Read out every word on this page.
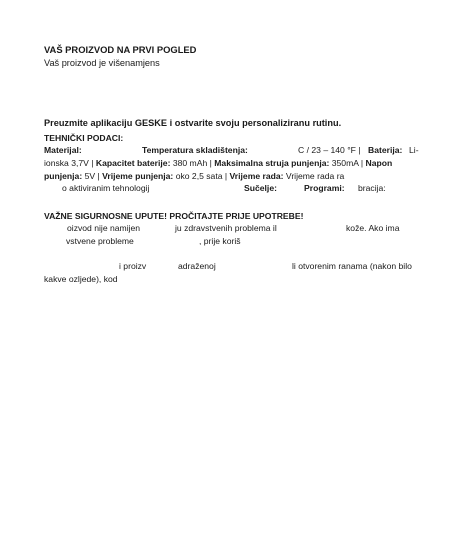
VAŠ PROIZVOD NA PRVI POGLED
Vaš proizvod je višenamjens
Preuzmite aplikaciju GESKE i ostvarite svoju personaliziranu rutinu.
TEHNIČKI PODACI:
Materijal:	Temperatura skladištenja:	C / 23 – 140 °F | Baterija: Li-
ionska 3,7V | Kapacitet baterije: 380 mAh | Maksimalna struja punjenja: 350mA | Napon
punjenja: 5V | Vrijeme punjenja: oko 2,5 sata | Vrijeme rada: Vrijeme rada ra
o aktiviranim tehnologij	Sučelje:	Programi: bracija:
VAŽNE SIGURNOSNE UPUTE! PROČITAJTE PRIJE UPOTREBE!
oizvod nije namijen	ju zdravstvenih problema il	kože. Ako ima
vstvene probleme	, prije koriš
i proizv	adraženoj	li otvorenim ranama (nakon bilo
kakve ozljede), kod
